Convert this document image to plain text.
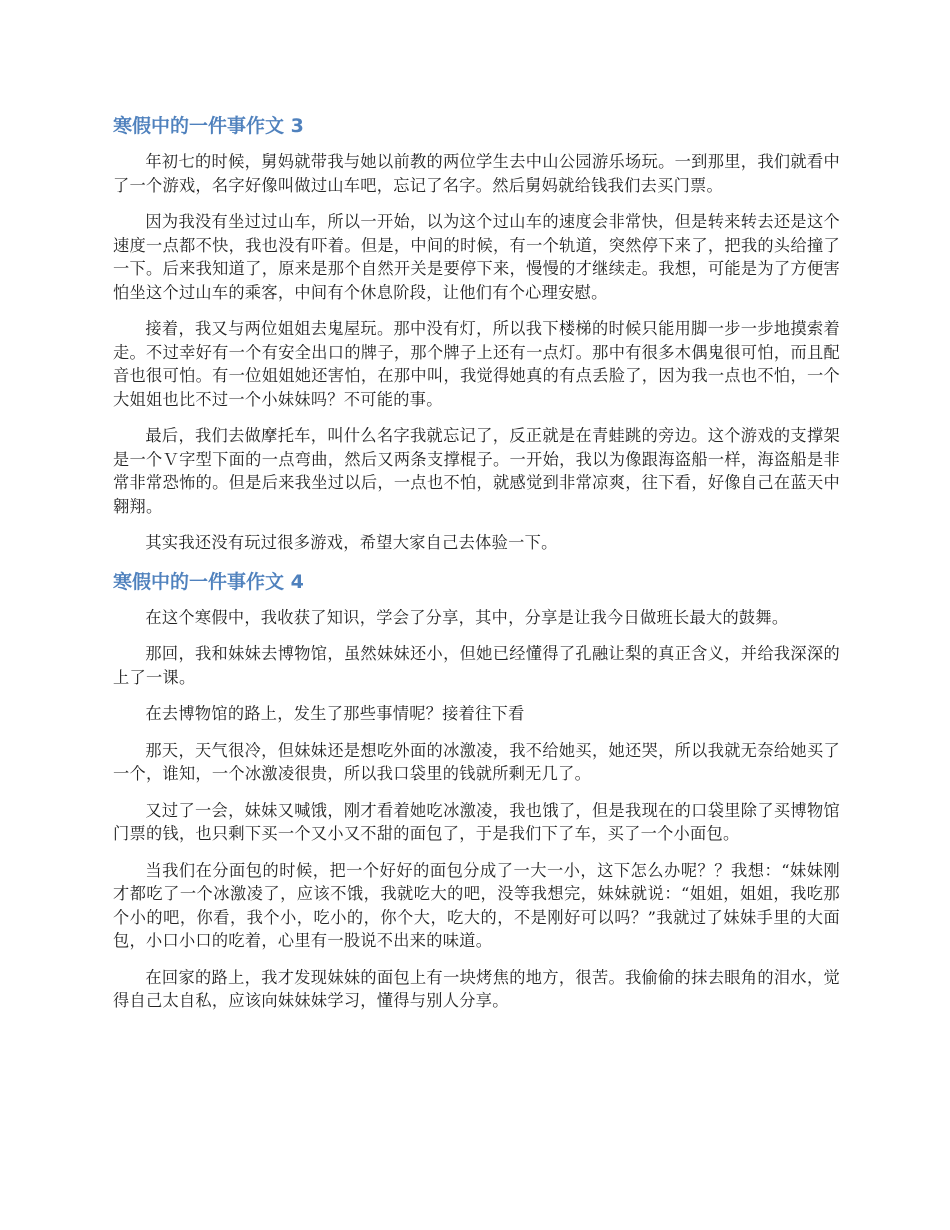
寒假中的一件事作文 3

年初七的时候，舅妈就带我与她以前教的两位学生去中山公园游乐场玩。一到那里，我们就看中了一个游戏，名字好像叫做过山车吧，忘记了名字。然后舅妈就给钱我们去买门票。

因为我没有坐过过山车，所以一开始，以为这个过山车的速度会非常快，但是转来转去还是这个速度一点都不快，我也没有吓着。但是，中间的时候，有一个轨道，突然停下来了，把我的头给撞了一下。后来我知道了，原来是那个自然开关是要停下来，慢慢的才继续走。我想，可能是为了方便害怕坐这个过山车的乘客，中间有个休息阶段，让他们有个心理安慰。

接着，我又与两位姐姐去鬼屋玩。那中没有灯，所以我下楼梯的时候只能用脚一步一步地摸索着走。不过幸好有一个有安全出口的牌子，那个牌子上还有一点灯。那中有很多木偶鬼很可怕，而且配音也很可怕。有一位姐姐她还害怕，在那中叫，我觉得她真的有点丢脸了，因为我一点也不怕，一个大姐姐也比不过一个小妹妹吗？不可能的事。

最后，我们去做摩托车，叫什么名字我就忘记了，反正就是在青蛙跳的旁边。这个游戏的支撑架是一个Ｖ字型下面的一点弯曲，然后又两条支撑棍子。一开始，我以为像跟海盗船一样，海盗船是非常非常恐怖的。但是后来我坐过以后，一点也不怕，就感觉到非常凉爽，往下看，好像自己在蓝天中翱翔。

其实我还没有玩过很多游戏，希望大家自己去体验一下。

寒假中的一件事作文 4

在这个寒假中，我收获了知识，学会了分享，其中，分享是让我今日做班长最大的鼓舞。

那回，我和妹妹去博物馆，虽然妹妹还小，但她已经懂得了孔融让梨的真正含义，并给我深深的上了一课。

在去博物馆的路上，发生了那些事情呢？接着往下看

那天，天气很冷，但妹妹还是想吃外面的冰激凌，我不给她买，她还哭，所以我就无奈给她买了一个，谁知，一个冰激凌很贵，所以我口袋里的钱就所剩无几了。

又过了一会，妹妹又喊饿，刚才看着她吃冰激凌，我也饿了，但是我现在的口袋里除了买博物馆门票的钱，也只剩下买一个又小又不甜的面包了，于是我们下了车，买了一个小面包。

当我们在分面包的时候，把一个好好的面包分成了一大一小，这下怎么办呢？？我想：“妹妹刚才都吃了一个冰激凌了，应该不饿，我就吃大的吧，没等我想完，妹妹就说：“姐姐，姐姐，我吃那个小的吧，你看，我个小，吃小的，你个大，吃大的，不是刚好可以吗？”我就过了妹妹手里的大面包，小口小口的吃着，心里有一股说不出来的味道。

在回家的路上，我才发现妹妹的面包上有一块烤焦的地方，很苦。我偷偷的抹去眼角的泪水，觉得自己太自私，应该向妹妹妹学习，懂得与别人分享。
